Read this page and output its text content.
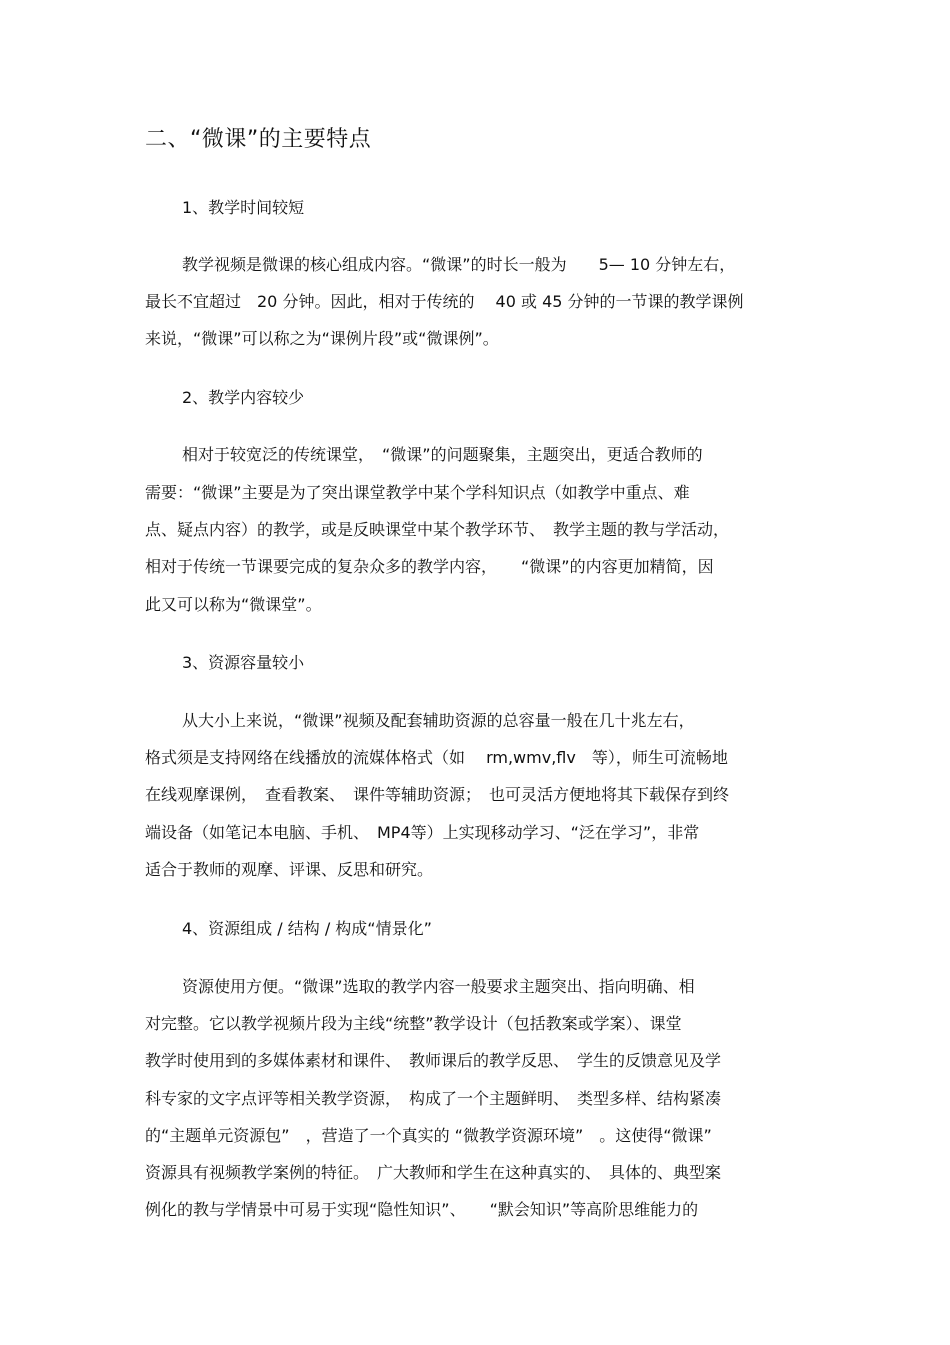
二、“微课”的主要特点
1、教学时间较短
教学视频是微课的核心组成内容。“微课”的时长一般为　　5— 10 分钟左右，
最长不宜超过　20 分钟。因此，相对于传统的　 40 或 45 分钟的一节课的教学课例
来说，“微课”可以称之为“课例片段”或“微课例”。
2、教学内容较少
相对于较宽泛的传统课堂，　“微课”的问题聚集，主题突出，更适合教师的
需要：“微课”主要是为了突出课堂教学中某个学科知识点（如教学中重点、难
点、疑点内容）的教学，或是反映课堂中某个教学环节、　教学主题的教与学活动，
相对于传统一节课要完成的复杂众多的教学内容，　　“微课”的内容更加精简，因
此又可以称为“微课堂”。
3、资源容量较小
从大小上来说，“微课”视频及配套辅助资源的总容量一般在几十兆左右，
格式须是支持网络在线播放的流媒体格式（如　 rm,wmv,flv　等），师生可流畅地
在线观摩课例，　查看教案、　课件等辅助资源；　也可灵活方便地将其下载保存到终
端设备（如笔记本电脑、手机、　MP4等）上实现移动学习、“泛在学习”，非常
适合于教师的观摩、评课、反思和研究。
4、资源组成 / 结构 / 构成“情景化”
资源使用方便。“微课”选取的教学内容一般要求主题突出、指向明确、相
对完整。它以教学视频片段为主线“统整”教学设计（包括教案或学案）、课堂
教学时使用到的多媒体素材和课件、　教师课后的教学反思、　学生的反馈意见及学
科专家的文字点评等相关教学资源，　构成了一个主题鲜明、　类型多样、结构紧凑
的“主题单元资源包”　，营造了一个真实的 “微教学资源环境”　。这使得“微课”
资源具有视频教学案例的特征。　广大教师和学生在这种真实的、　具体的、典型案
例化的教与学情景中可易于实现“隐性知识”、　　“默会知识”等高阶思维能力的
